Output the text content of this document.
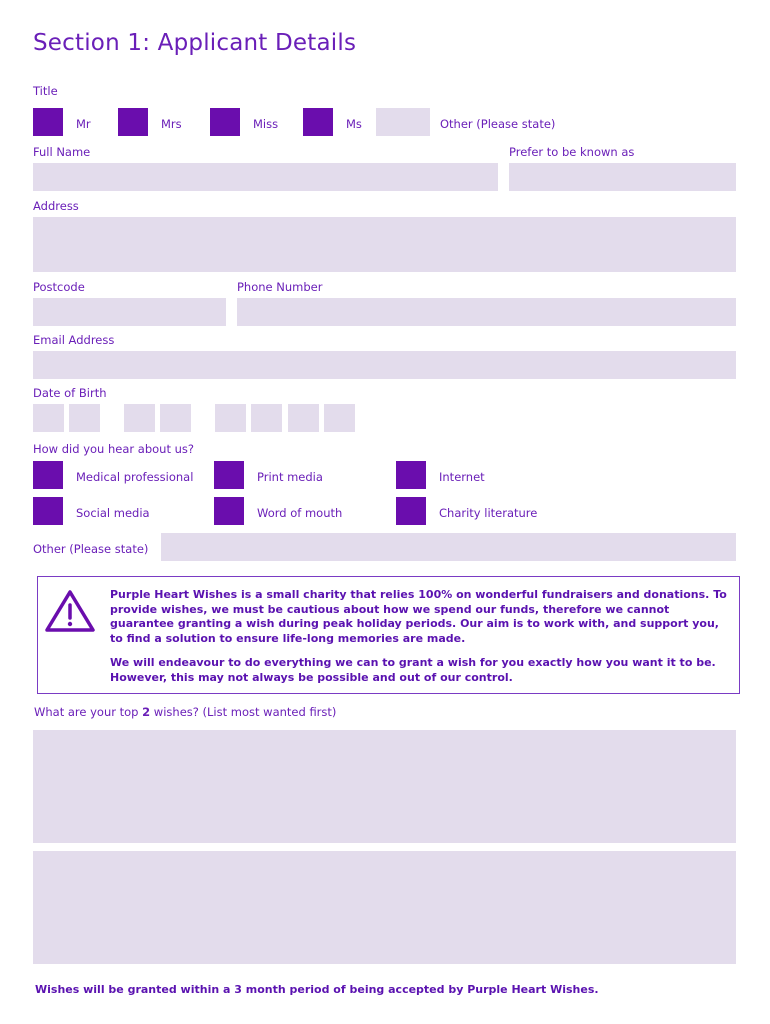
Section 1: Applicant Details
Title
Mr	Mrs	Miss	Ms	Other (Please state)
Full Name	Prefer to be known as
Address
Postcode	Phone Number
Email Address
Date of Birth
How did you hear about us?
Medical professional	Print media	Internet
Social media	Word of mouth	Charity literature
Other (Please state)
Purple Heart Wishes is a small charity that relies 100% on wonderful fundraisers and donations. To provide wishes, we must be cautious about how we spend our funds, therefore we cannot guarantee granting a wish during peak holiday periods. Our aim is to work with, and support you, to find a solution to ensure life-long memories are made.
We will endeavour to do everything we can to grant a wish for you exactly how you want it to be. However, this may not always be possible and out of our control.
What are your top 2 wishes? (List most wanted first)
Wishes will be granted within a 3 month period of being accepted by Purple Heart Wishes.
